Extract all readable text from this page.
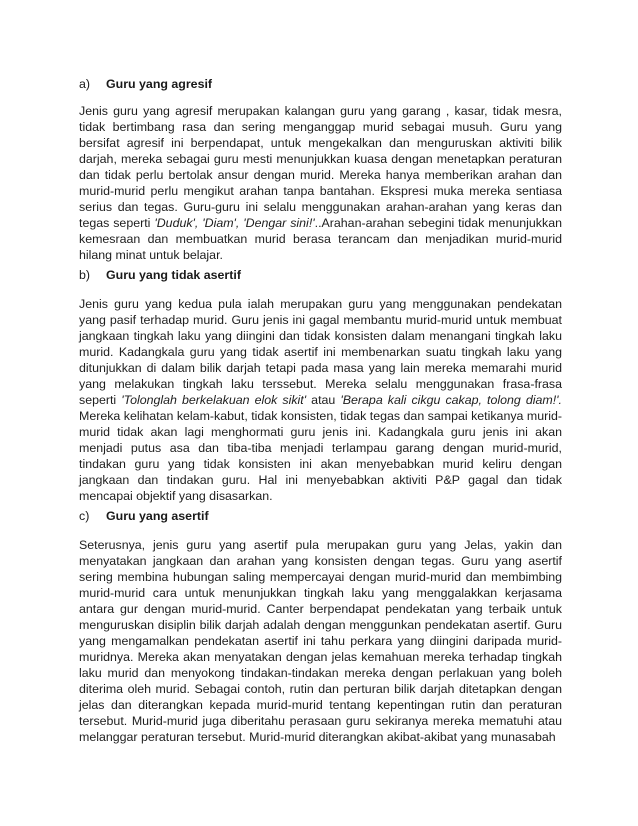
a) Guru yang agresif
Jenis guru yang agresif merupakan kalangan guru yang garang , kasar, tidak mesra, tidak bertimbang rasa dan sering menganggap murid sebagai musuh. Guru yang bersifat agresif ini berpendapat, untuk mengekalkan dan menguruskan aktiviti bilik darjah, mereka sebagai guru mesti menunjukkan kuasa dengan menetapkan peraturan dan tidak perlu bertolak ansur dengan murid. Mereka hanya memberikan arahan dan murid-murid perlu mengikut arahan tanpa bantahan. Ekspresi muka mereka sentiasa serius dan tegas. Guru-guru ini selalu menggunakan arahan-arahan yang keras dan tegas seperti 'Duduk', 'Diam', 'Dengar sini!'..Arahan-arahan sebegini tidak menunjukkan kemesraan dan membuatkan murid berasa terancam dan menjadikan murid-murid hilang minat untuk belajar.
b) Guru yang tidak asertif
Jenis guru yang kedua pula ialah merupakan guru yang menggunakan pendekatan yang pasif terhadap murid. Guru jenis ini gagal membantu murid-murid untuk membuat jangkaan tingkah laku yang diingini dan tidak konsisten dalam menangani tingkah laku murid. Kadangkala guru yang tidak asertif ini membenarkan suatu tingkah laku yang ditunjukkan di dalam bilik darjah tetapi pada masa yang lain mereka memarahi murid yang melakukan tingkah laku terssebut. Mereka selalu menggunakan frasa-frasa seperti 'Tolonglah berkelakuan elok sikit' atau 'Berapa kali cikgu cakap, tolong diam!'. Mereka kelihatan kelam-kabut, tidak konsisten, tidak tegas dan sampai ketikanya murid-murid tidak akan lagi menghormati guru jenis ini. Kadangkala guru jenis ini akan menjadi putus asa dan tiba-tiba menjadi terlampau garang dengan murid-murid, tindakan guru yang tidak konsisten ini akan menyebabkan murid keliru dengan jangkaan dan tindakan guru. Hal ini menyebabkan aktiviti P&P gagal dan tidak mencapai objektif yang disasarkan.
c) Guru yang asertif
Seterusnya, jenis guru yang asertif pula merupakan guru yang Jelas, yakin dan menyatakan jangkaan dan arahan yang konsisten dengan tegas. Guru yang asertif sering membina hubungan saling mempercayai dengan murid-murid dan membimbing murid-murid cara untuk menunjukkan tingkah laku yang menggalakkan kerjasama antara gur dengan murid-murid. Canter berpendapat pendekatan yang terbaik untuk menguruskan disiplin bilik darjah adalah dengan menggunkan pendekatan asertif. Guru yang mengamalkan pendekatan asertif ini tahu perkara yang diingini daripada murid-muridnya. Mereka akan menyatakan dengan jelas kemahuan mereka terhadap tingkah laku murid dan menyokong tindakan-tindakan mereka dengan perlakuan yang boleh diterima oleh murid. Sebagai contoh, rutin dan perturan bilik darjah ditetapkan dengan jelas dan diterangkan kepada murid-murid tentang kepentingan rutin dan peraturan tersebut. Murid-murid juga diberitahu perasaan guru sekiranya mereka mematuhi atau melanggar peraturan tersebut. Murid-murid diterangkan akibat-akibat yang munasabah
